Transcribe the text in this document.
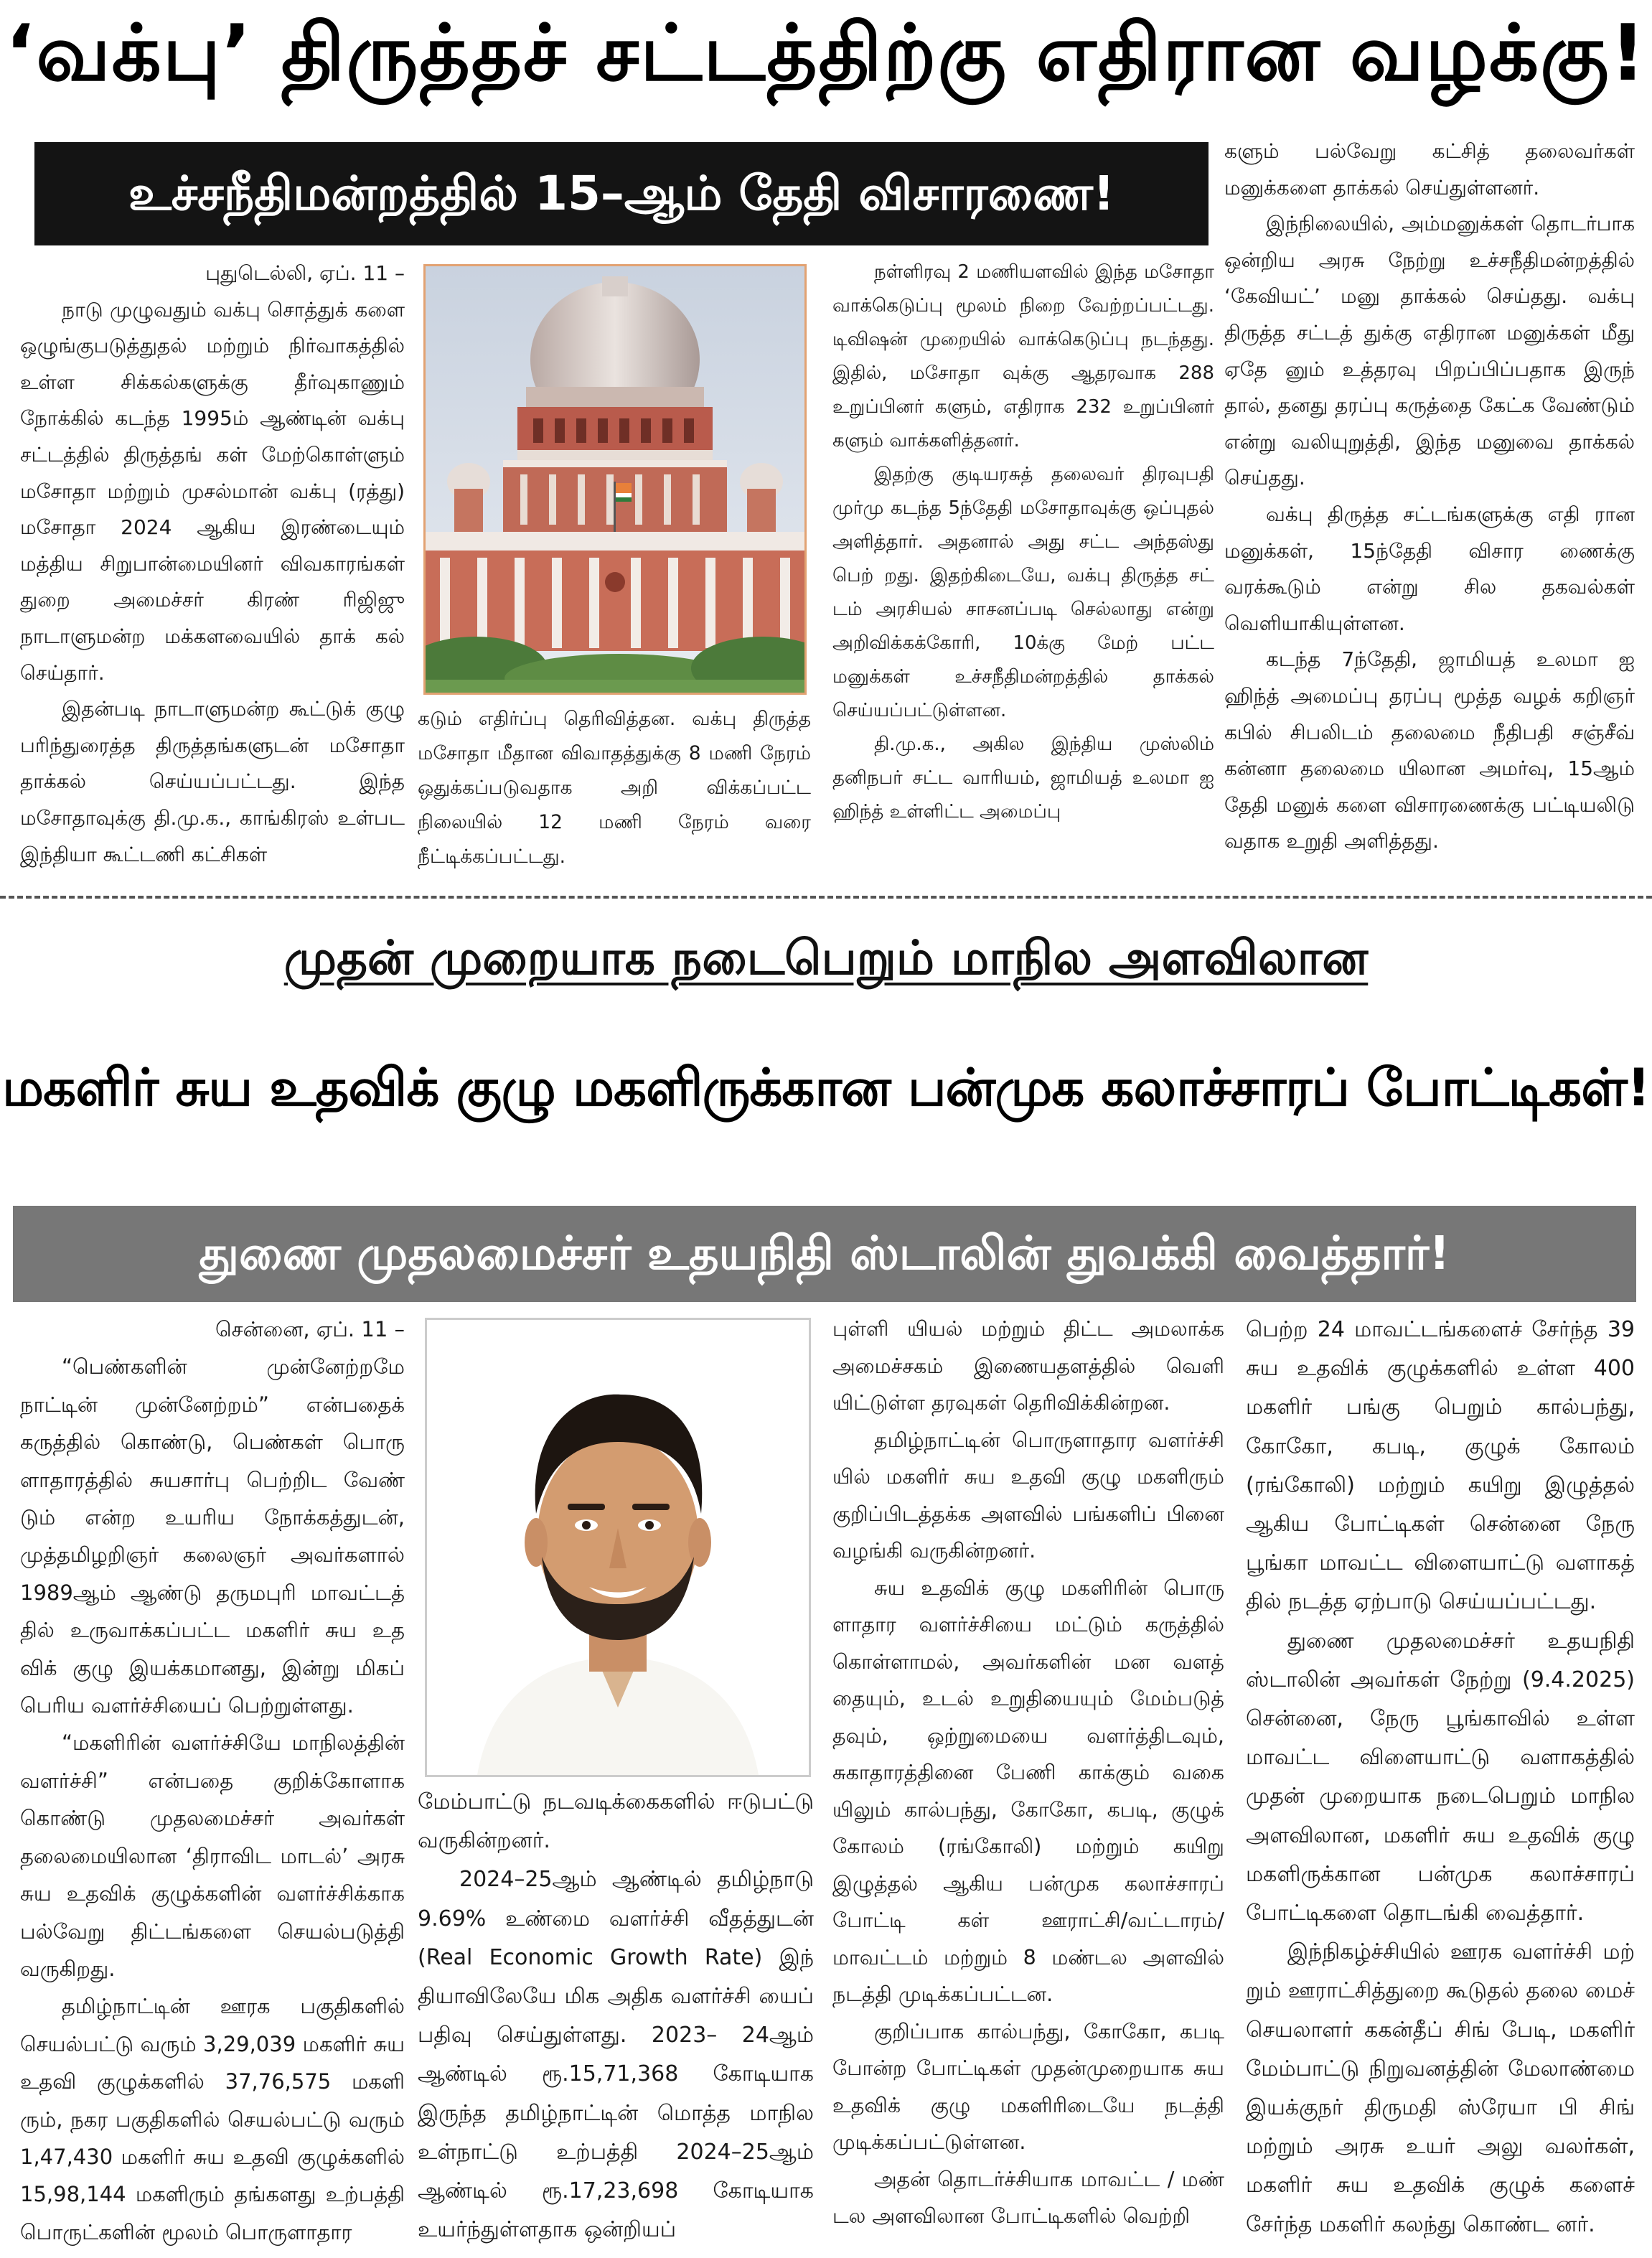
‘வக்பு’ திருத்தச் சட்டத்திற்கு எதிரான வழக்கு!
உச்சநீதிமன்றத்தில் 15–ஆம் தேதி விசாரணை!
புதுடெல்லி, ஏப். 11 –

நாடு முழுவதும் வக்பு சொத்துக் களை ஒழுங்குபடுத்துதல் மற்றும் நிர்வாகத்தில் உள்ள சிக்கல்களுக்கு தீர்வுகாணும் நோக்கில் கடந்த 1995ம் ஆண்டின் வக்பு சட்டத்தில் திருத்தங் கள் மேற்கொள்ளும் மசோதா மற்றும் முசல்மான் வக்பு (ரத்து) மசோதா 2024 ஆகிய இரண்டையும் மத்திய சிறுபான்மையினர் விவகாரங்கள் துறை அமைச்சர் கிரண் ரிஜிஜு நாடாளுமன்ற மக்களவையில் தாக் கல் செய்தார்.

இதன்படி நாடாளுமன்ற கூட்டுக் குழு பரிந்துரைத்த திருத்தங்களுடன் மசோதா தாக்கல் செய்யப்பட்டது. இந்த மசோதாவுக்கு தி.மு.க., காங்கிரஸ் உள்பட இந்தியா கூட்டணி கட்சிகள்

கடும் எதிர்ப்பு தெரிவித்தன. வக்பு திருத்த மசோதா மீதான விவாதத்துக்கு 8 மணி நேரம் ஒதுக்கப்படுவதாக அறி விக்கப்பட்ட நிலையில் 12 மணி நேரம் வரை நீட்டிக்கப்பட்டது.

நள்ளிரவு 2 மணியளவில் இந்த மசோதா வாக்கெடுப்பு மூலம் நிறை வேற்றப்பட்டது. டிவிஷன் முறையில் வாக்கெடுப்பு நடந்தது. இதில், மசோதா வுக்கு ஆதரவாக 288 உறுப்பினர் களும், எதிராக 232 உறுப்பினர் களும் வாக்களித்தனர்.

இதற்கு குடியரசுத் தலைவர் திரவுபதி முர்மு கடந்த 5ந்தேதி மசோதாவுக்கு ஒப்புதல் அளித்தார். அதனால் அது சட்ட அந்தஸ்து பெற் றது. இதற்கிடையே, வக்பு திருத்த சட் டம் அரசியல் சாசனப்படி செல்லாது என்று அறிவிக்கக்கோரி, 10க்கு மேற் பட்ட மனுக்கள் உச்சநீதிமன்றத்தில் தாக்கல் செய்யப்பட்டுள்ளன.

தி.மு.க., அகில இந்திய முஸ்லிம் தனிநபர் சட்ட வாரியம், ஜாமியத் உலமா ஐ ஹிந்த் உள்ளிட்ட அமைப்பு

களும் பல்வேறு கட்சித் தலைவர்கள் மனுக்களை தாக்கல் செய்துள்ளனர்.

இந்நிலையில், அம்மனுக்கள் தொடர்பாக ஒன்றிய அரசு நேற்று உச்சநீதிமன்றத்தில் ‘கேவியட்’ மனு தாக்கல் செய்தது. வக்பு திருத்த சட்டத் துக்கு எதிரான மனுக்கள் மீது ஏதே னும் உத்தரவு பிறப்பிப்பதாக இருந் தால், தனது தரப்பு கருத்தை கேட்க வேண்டும் என்று வலியுறுத்தி, இந்த மனுவை தாக்கல் செய்தது.

வக்பு திருத்த சட்டங்களுக்கு எதி ரான மனுக்கள், 15ந்தேதி விசார ணைக்கு வரக்கூடும் என்று சில தகவல்கள் வெளியாகியுள்ளன.

கடந்த 7ந்தேதி, ஜாமியத் உலமா ஐ ஹிந்த் அமைப்பு தரப்பு மூத்த வழக் கறிஞர் கபில் சிபலிடம் தலைமை நீதிபதி சஞ்சீவ் கன்னா தலைமை யிலான அமர்வு, 15ஆம் தேதி மனுக் களை விசாரணைக்கு பட்டியலிடு வதாக உறுதி அளித்தது.

முதன் முறையாக நடைபெறும் மாநில அளவிலான
மகளிர் சுய உதவிக் குழு மகளிருக்கான பன்முக கலாச்சாரப் போட்டிகள்!
துணை முதலமைச்சர் உதயநிதி ஸ்டாலின் துவக்கி வைத்தார்!
சென்னை, ஏப். 11 –

“பெண்களின் முன்னேற்றமே நாட்டின் முன்னேற்றம்” என்பதைக் கருத்தில் கொண்டு, பெண்கள் பொரு ளாதாரத்தில் சுயசார்பு பெற்றிட வேண் டும் என்ற உயரிய நோக்கத்துடன், முத்தமிழறிஞர் கலைஞர் அவர்களால் 1989ஆம் ஆண்டு தருமபுரி மாவட்டத் தில் உருவாக்கப்பட்ட மகளிர் சுய உத விக் குழு இயக்கமானது, இன்று மிகப் பெரிய வளர்ச்சியைப் பெற்றுள்ளது.

“மகளிரின் வளர்ச்சியே மாநிலத்தின் வளர்ச்சி” என்பதை குறிக்கோளாக கொண்டு முதலமைச்சர் அவர்கள் தலைமையிலான ‘திராவிட மாடல்’ அரசு சுய உதவிக் குழுக்களின் வளர்ச்சிக்காக பல்வேறு திட்டங்களை செயல்படுத்தி வருகிறது.

தமிழ்நாட்டின் ஊரக பகுதிகளில் செயல்பட்டு வரும் 3,29,039 மகளிர் சுய உதவி குழுக்களில் 37,76,575 மகளி ரும், நகர பகுதிகளில் செயல்பட்டு வரும் 1,47,430 மகளிர் சுய உதவி குழுக்களில் 15,98,144 மகளிரும் தங்களது உற்பத்தி பொருட்களின் மூலம் பொருளாதார

மேம்பாட்டு நடவடிக்கைகளில் ஈடுபட்டு வருகின்றனர்.

2024–25ஆம் ஆண்டில் தமிழ்நாடு 9.69% உண்மை வளர்ச்சி வீதத்துடன் (Real Economic Growth Rate) இந் தியாவிலேயே மிக அதிக வளர்ச்சி யைப் பதிவு செய்துள்ளது. 2023– 24ஆம் ஆண்டில் ரூ.15,71,368 கோடியாக இருந்த தமிழ்நாட்டின் மொத்த மாநில உள்நாட்டு உற்பத்தி 2024–25ஆம் ஆண்டில் ரூ.17,23,698 கோடியாக உயர்ந்துள்ளதாக ஒன்றியப்

புள்ளி யியல் மற்றும் திட்ட அமலாக்க அமைச்சகம் இணையதளத்தில் வெளி யிட்டுள்ள தரவுகள் தெரிவிக்கின்றன.

தமிழ்நாட்டின் பொருளாதார வளர்ச்சி யில் மகளிர் சுய உதவி குழு மகளிரும் குறிப்பிடத்தக்க அளவில் பங்களிப் பினை வழங்கி வருகின்றனர்.

சுய உதவிக் குழு மகளிரின் பொரு ளாதார வளர்ச்சியை மட்டும் கருத்தில் கொள்ளாமல், அவர்களின் மன வளத் தையும், உடல் உறுதியையும் மேம்படுத் தவும், ஒற்றுமையை வளர்த்திடவும், சுகாதாரத்தினை பேணி காக்கும் வகை யிலும் கால்பந்து, கோகோ, கபடி, குழுக் கோலம் (ரங்கோலி) மற்றும் கயிறு இழுத்தல் ஆகிய பன்முக கலாச்சாரப் போட்டி கள் ஊராட்சி/வட்டாரம்/மாவட்டம் மற்றும் 8 மண்டல அளவில் நடத்தி முடிக்கப்பட்டன.

குறிப்பாக கால்பந்து, கோகோ, கபடி போன்ற போட்டிகள் முதன்முறையாக சுய உதவிக் குழு மகளிரிடையே நடத்தி முடிக்கப்பட்டுள்ளன.

அதன் தொடர்ச்சியாக மாவட்ட / மண் டல அளவிலான போட்டிகளில் வெற்றி

பெற்ற 24 மாவட்டங்களைச் சேர்ந்த 39 சுய உதவிக் குழுக்களில் உள்ள 400 மகளிர் பங்கு பெறும் கால்பந்து, கோகோ, கபடி, குழுக் கோலம் (ரங்கோலி) மற்றும் கயிறு இழுத்தல் ஆகிய போட்டிகள் சென்னை நேரு பூங்கா மாவட்ட விளையாட்டு வளாகத் தில் நடத்த ஏற்பாடு செய்யப்பட்டது.

துணை முதலமைச்சர் உதயநிதி ஸ்டாலின் அவர்கள் நேற்று (9.4.2025) சென்னை, நேரு பூங்காவில் உள்ள மாவட்ட விளையாட்டு வளாகத்தில் முதன் முறையாக நடைபெறும் மாநில அளவிலான, மகளிர் சுய உதவிக் குழு மகளிருக்கான பன்முக கலாச்சாரப் போட்டிகளை தொடங்கி வைத்தார்.

இந்நிகழ்ச்சியில் ஊரக வளர்ச்சி மற் றும் ஊராட்சித்துறை கூடுதல் தலை மைச் செயலாளர் ககன்தீப் சிங் பேடி, மகளிர் மேம்பாட்டு நிறுவனத்தின் மேலாண்மை இயக்குநர் திருமதி ஸ்ரேயா பி சிங் மற்றும் அரசு உயர் அலு வலர்கள், மகளிர் சுய உதவிக் குழுக் களைச் சேர்ந்த மகளிர் கலந்து கொண்ட னர்.
